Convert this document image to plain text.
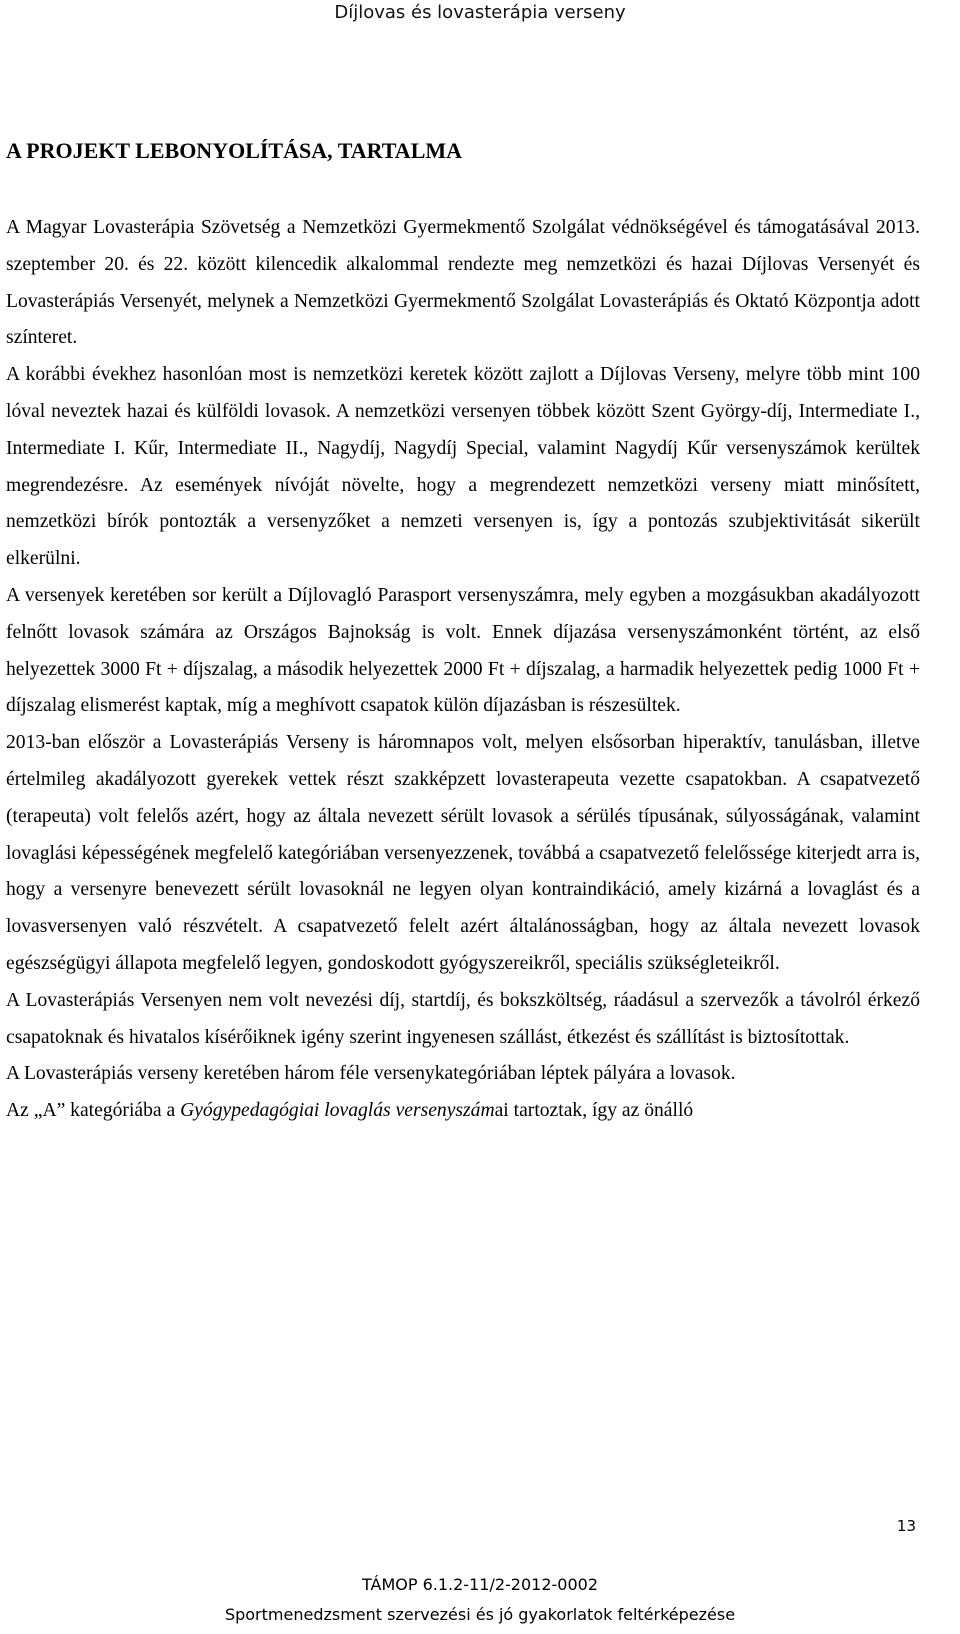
Díjlovas és lovasterápia verseny
A PROJEKT LEBONYOLÍTÁSA, TARTALMA

A Magyar Lovasterápia Szövetség a Nemzetközi Gyermekmentő Szolgálat védnökségével és támogatásával 2013. szeptember 20. és 22. között kilencedik alkalommal rendezte meg nemzetközi és hazai Díjlovas Versenyét és Lovasterápiás Versenyét, melynek a Nemzetközi Gyermekmentő Szolgálat Lovasterápiás és Oktató Központja adott színteret.

A korábbi évekhez hasonlóan most is nemzetközi keretek között zajlott a Díjlovas Verseny, melyre több mint 100 lóval neveztek hazai és külföldi lovasok. A nemzetközi versenyen többek között Szent György-díj, Intermediate I., Intermediate I. Kűr, Intermediate II., Nagydíj, Nagydíj Special, valamint Nagydíj Kűr versenyszámok kerültek megrendezésre. Az események nívóját növelte, hogy a megrendezett nemzetközi verseny miatt minősített, nemzetközi bírók pontozták a versenyzőket a nemzeti versenyen is, így a pontozás szubjektivitását sikerült elkerülni.

A versenyek keretében sor került a Díjlovagló Parasport versenyszámra, mely egyben a mozgásukban akadályozott felnőtt lovasok számára az Országos Bajnokság is volt. Ennek díjazása versenyszámonként történt, az első helyezettek 3000 Ft + díjszalag, a második helyezettek 2000 Ft + díjszalag, a harmadik helyezettek pedig 1000 Ft + díjszalag elismerést kaptak, míg a meghívott csapatok külön díjazásban is részesültek.

2013-ban először a Lovasterápiás Verseny is háromnapos volt, melyen elsősorban hiperaktív, tanulásban, illetve értelmileg akadályozott gyerekek vettek részt szakképzett lovasterapeuta vezette csapatokban. A csapatvezető (terapeuta) volt felelős azért, hogy az általa nevezett sérült lovasok a sérülés típusának, súlyosságának, valamint lovaglási képességének megfelelő kategóriában versenyezzenek, továbbá a csapatvezető felelőssége kiterjedt arra is, hogy a versenyre benevezett sérült lovasoknál ne legyen olyan kontraindikáció, amely kizárná a lovaglást és a lovasversenyen való részvételt. A csapatvezető felelt azért általánosságban, hogy az általa nevezett lovasok egészségügyi állapota megfelelő legyen, gondoskodott gyógyszereikről, speciális szükségleteikről.

A Lovasterápiás Versenyen nem volt nevezési díj, startdíj, és bokszköltség, ráadásul a szervezők a távolról érkező csapatoknak és hivatalos kísérőiknek igény szerint ingyenesen szállást, étkezést és szállítást is biztosítottak.

A Lovasterápiás verseny keretében három féle versenykategóriában léptek pályára a lovasok.

Az „A” kategóriába a Gyógypedagógiai lovaglás versenyszámai tartoztak, így az önálló

13
TÁMOP 6.1.2-11/2-2012-0002
Sportmenedzsment szervezési és jó gyakorlatok feltérképezése
